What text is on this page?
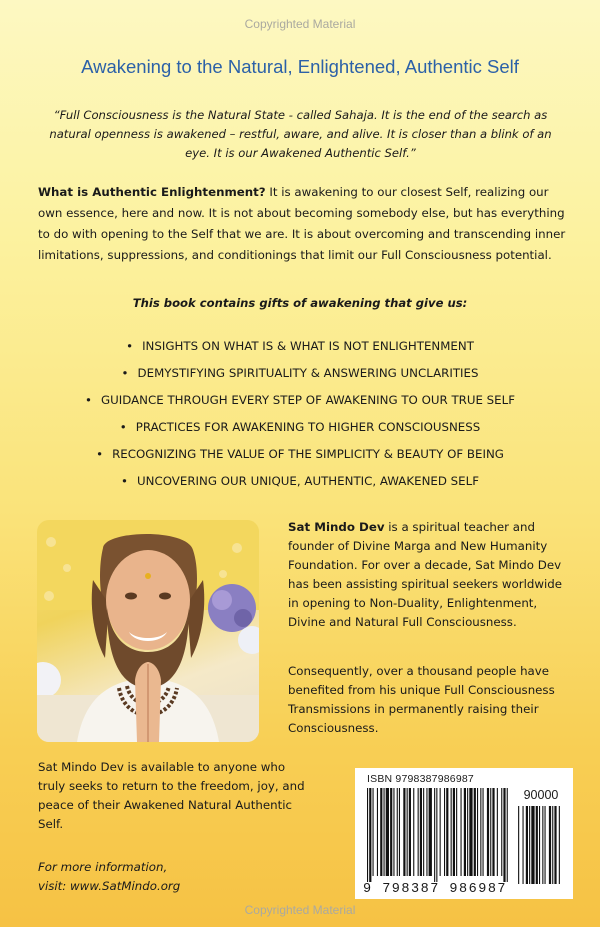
Copyrighted Material
Awakening to the Natural, Enlightened, Authentic Self
“Full Consciousness is the Natural State - called Sahaja. It is the end of the search as natural openness is awakened – restful, aware, and alive. It is closer than a blink of an eye. It is our Awakened Authentic Self.”
What is Authentic Enlightenment? It is awakening to our closest Self, realizing our own essence, here and now. It is not about becoming somebody else, but has everything to do with opening to the Self that we are. It is about overcoming and transcending inner limitations, suppressions, and conditionings that limit our Full Consciousness potential.
This book contains gifts of awakening that give us:
• INSIGHTS ON WHAT IS & WHAT IS NOT ENLIGHTENMENT
• DEMYSTIFYING SPIRITUALITY & ANSWERING UNCLARITIES
• GUIDANCE THROUGH EVERY STEP OF AWAKENING TO OUR TRUE SELF
• PRACTICES FOR AWAKENING TO HIGHER CONSCIOUSNESS
• RECOGNIZING THE VALUE OF THE SIMPLICITY & BEAUTY OF BEING
• UNCOVERING OUR UNIQUE, AUTHENTIC, AWAKENED SELF
Sat Mindo Dev is a spiritual teacher and founder of Divine Marga and New Humanity Foundation. For over a decade, Sat Mindo Dev has been assisting spiritual seekers worldwide in opening to Non-Duality, Enlightenment, Divine and Natural Full Consciousness.
Consequently, over a thousand people have benefited from his unique Full Consciousness Transmissions in permanently raising their Consciousness.
Sat Mindo Dev is available to anyone who truly seeks to return to the freedom, joy, and peace of their Awakened Natural Authentic Self.
For more information,
visit: www.SatMindo.org
ISBN 9798387986987
90000
9 798387 986987
Copyrighted Material
